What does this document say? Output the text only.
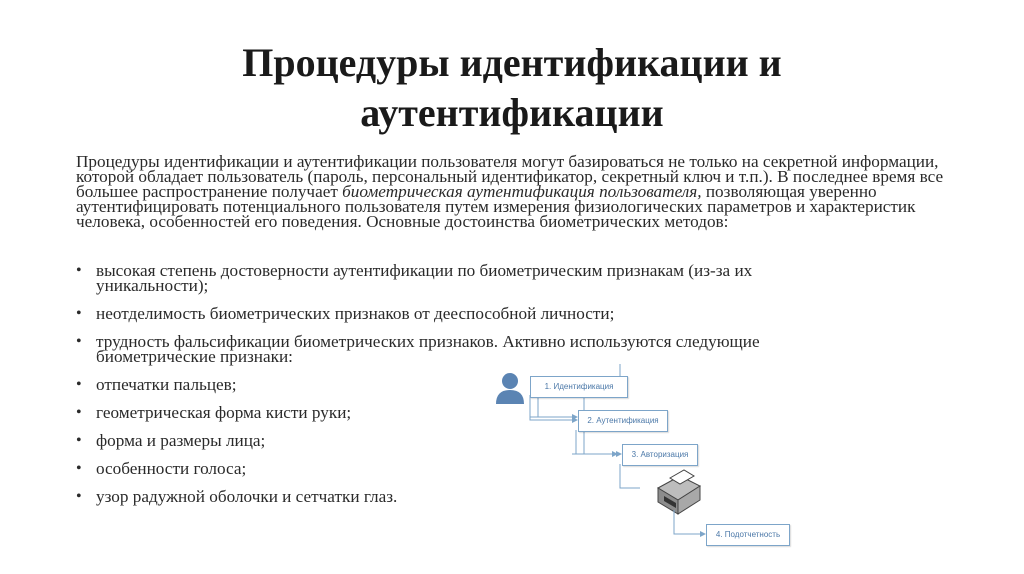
Процедуры идентификации и
аутентификации
Процедуры идентификации и аутентификации пользователя могут базироваться не только на секретной информации, которой обладает пользователь (пароль, персональный идентификатор, секретный ключ и т.п.). В последнее время все большее распространение получает биометрическая аутентификация пользователя, позволяющая уверенно аутентифицировать потенциального пользователя путем измерения физиологических параметров и характеристик человека, особенностей его поведения. Основные достоинства биометрических методов:
• высокая степень достоверности аутентификации по биометрическим признакам (из-за их уникальности);
• неотделимость биометрических признаков от дееспособной личности;
• трудность фальсификации биометрических признаков. Активно используются следующие биометрические признаки:
• отпечатки пальцев;
• геометрическая форма кисти руки;
• форма и размеры лица;
• особенности голоса;
• узор радужной оболочки и сетчатки глаз.
1. Идентификация
2. Аутентификация
3. Авторизация
4. Подотчетность
